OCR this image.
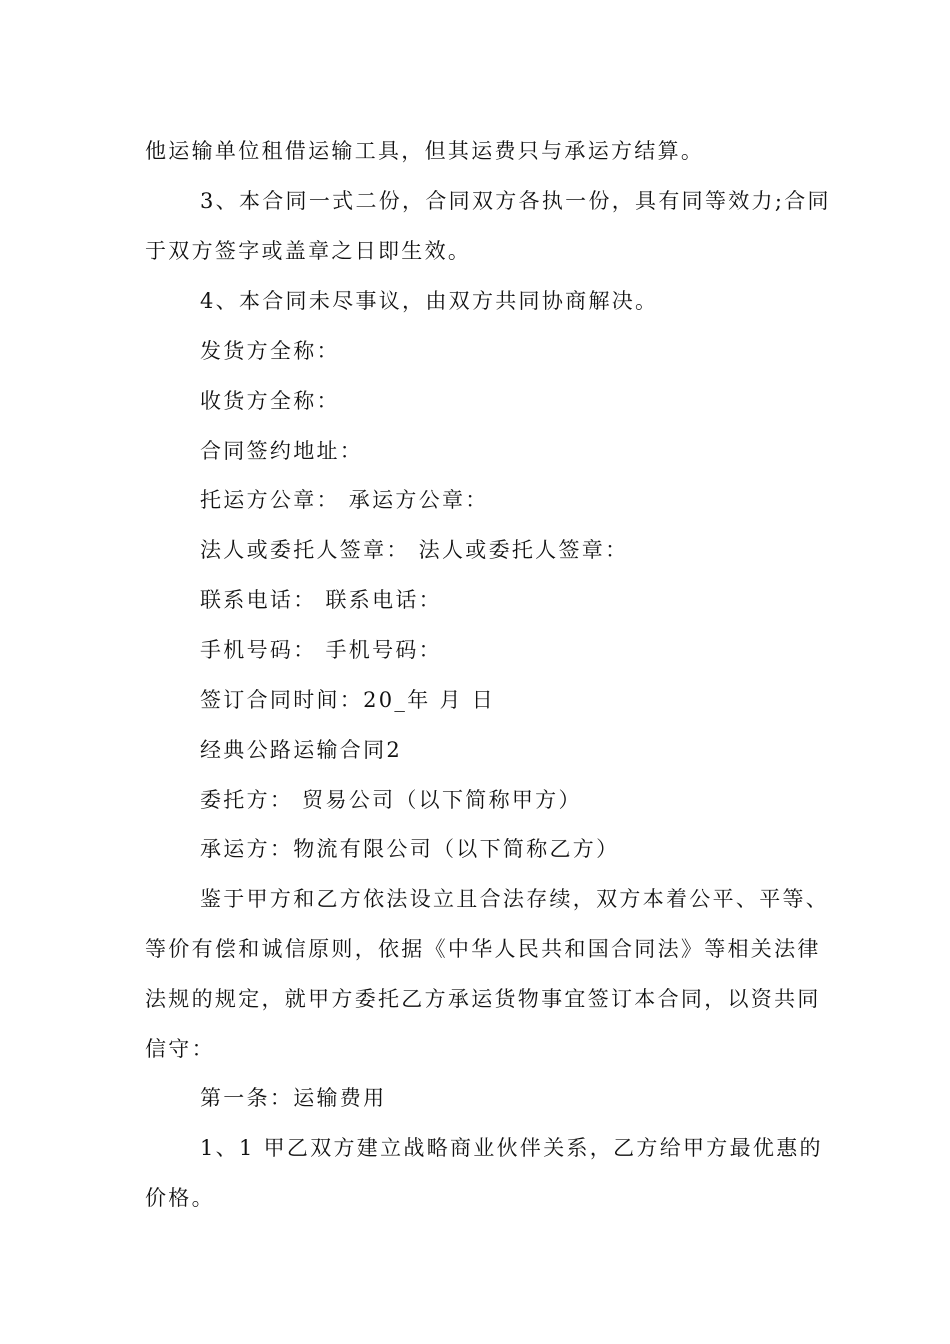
他运输单位租借运输工具，但其运费只与承运方结算。
3、本合同一式二份，合同双方各执一份，具有同等效力;合同
于双方签字或盖章之日即生效。
4、本合同未尽事议，由双方共同协商解决。
发货方全称：
收货方全称：
合同签约地址：
托运方公章： 承运方公章：
法人或委托人签章： 法人或委托人签章：
联系电话： 联系电话：
手机号码： 手机号码：
签订合同时间：20_年 月 日
经典公路运输合同2
委托方： 贸易公司（以下简称甲方）
承运方：物流有限公司（以下简称乙方）
鉴于甲方和乙方依法设立且合法存续，双方本着公平、平等、
等价有偿和诚信原则，依据《中华人民共和国合同法》等相关法律
法规的规定，就甲方委托乙方承运货物事宜签订本合同，以资共同
信守：
第一条：运输费用
1、1 甲乙双方建立战略商业伙伴关系，乙方给甲方最优惠的
价格。
